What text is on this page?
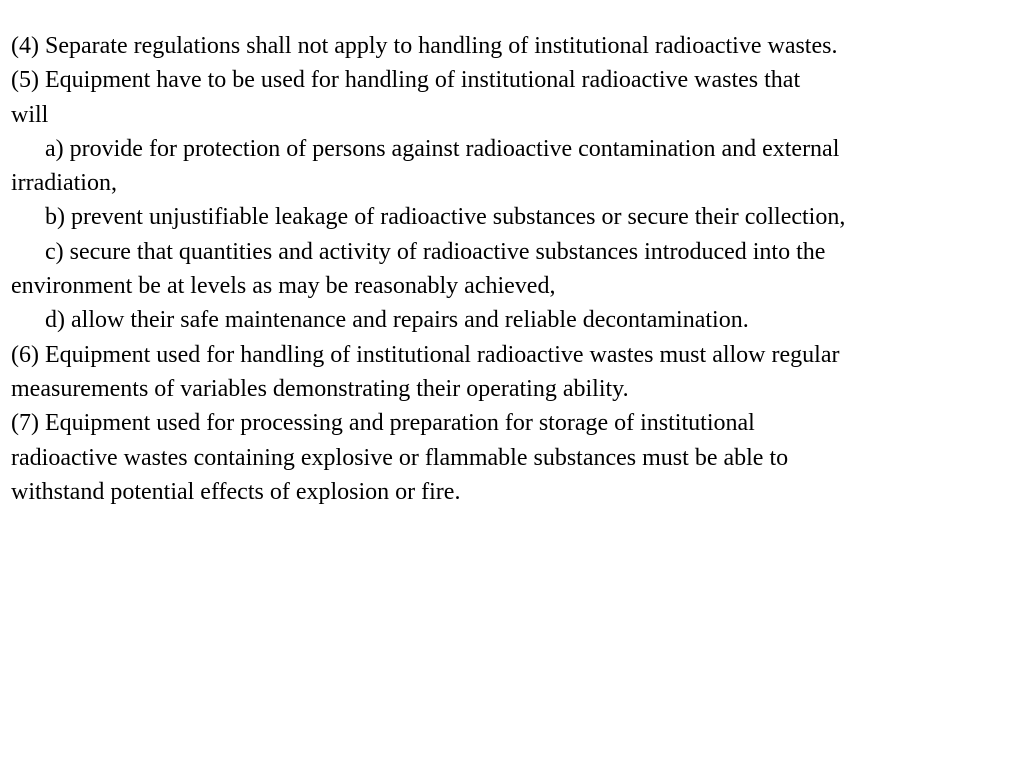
(4) Separate regulations shall not apply to handling of institutional radioactive wastes.

(5) Equipment have to be used for handling of institutional radioactive wastes that

will

a) provide for protection of persons against radioactive contamination and external

irradiation,

b) prevent unjustifiable leakage of radioactive substances or secure their collection,

c) secure that quantities and activity of radioactive substances introduced into the

environment be at levels as may be reasonably achieved,

d) allow their safe maintenance and repairs and reliable decontamination.

(6) Equipment used for handling of institutional radioactive wastes must allow regular

measurements of variables demonstrating their operating ability.

(7) Equipment used for processing and preparation for storage of institutional

radioactive wastes containing explosive or flammable substances must be able to

withstand potential effects of explosion or fire.
